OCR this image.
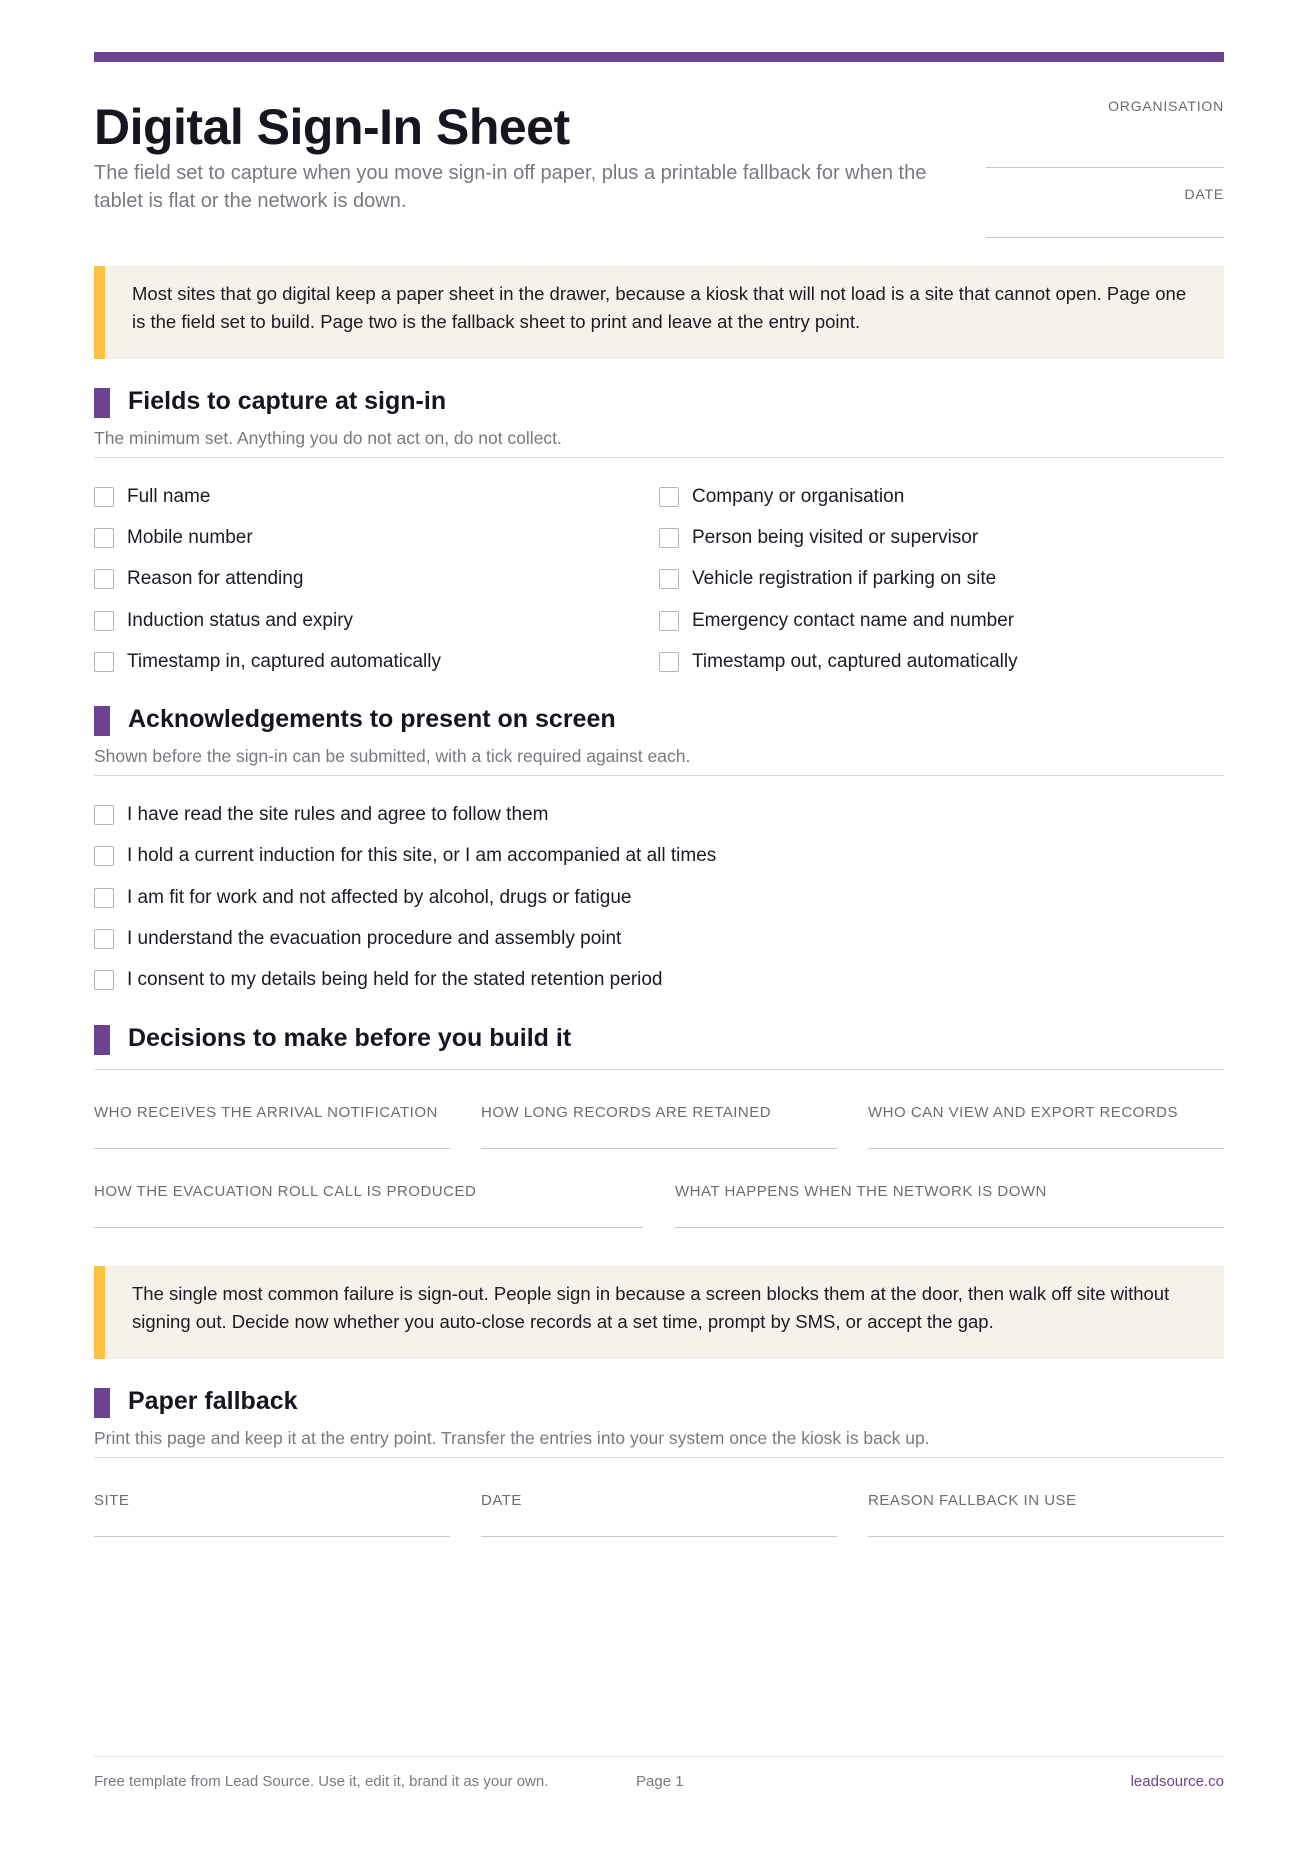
Digital Sign-In Sheet
The field set to capture when you move sign-in off paper, plus a printable fallback for when the tablet is flat or the network is down.
ORGANISATION
DATE
Most sites that go digital keep a paper sheet in the drawer, because a kiosk that will not load is a site that cannot open. Page one is the field set to build. Page two is the fallback sheet to print and leave at the entry point.
Fields to capture at sign-in
The minimum set. Anything you do not act on, do not collect.
Full name
Mobile number
Reason for attending
Induction status and expiry
Timestamp in, captured automatically
Company or organisation
Person being visited or supervisor
Vehicle registration if parking on site
Emergency contact name and number
Timestamp out, captured automatically
Acknowledgements to present on screen
Shown before the sign-in can be submitted, with a tick required against each.
I have read the site rules and agree to follow them
I hold a current induction for this site, or I am accompanied at all times
I am fit for work and not affected by alcohol, drugs or fatigue
I understand the evacuation procedure and assembly point
I consent to my details being held for the stated retention period
Decisions to make before you build it
WHO RECEIVES THE ARRIVAL NOTIFICATION	HOW LONG RECORDS ARE RETAINED	WHO CAN VIEW AND EXPORT RECORDS
HOW THE EVACUATION ROLL CALL IS PRODUCED	WHAT HAPPENS WHEN THE NETWORK IS DOWN
The single most common failure is sign-out. People sign in because a screen blocks them at the door, then walk off site without signing out. Decide now whether you auto-close records at a set time, prompt by SMS, or accept the gap.
Paper fallback
Print this page and keep it at the entry point. Transfer the entries into your system once the kiosk is back up.
SITE	DATE	REASON FALLBACK IN USE
Free template from Lead Source. Use it, edit it, brand it as your own.	Page 1	leadsource.co
